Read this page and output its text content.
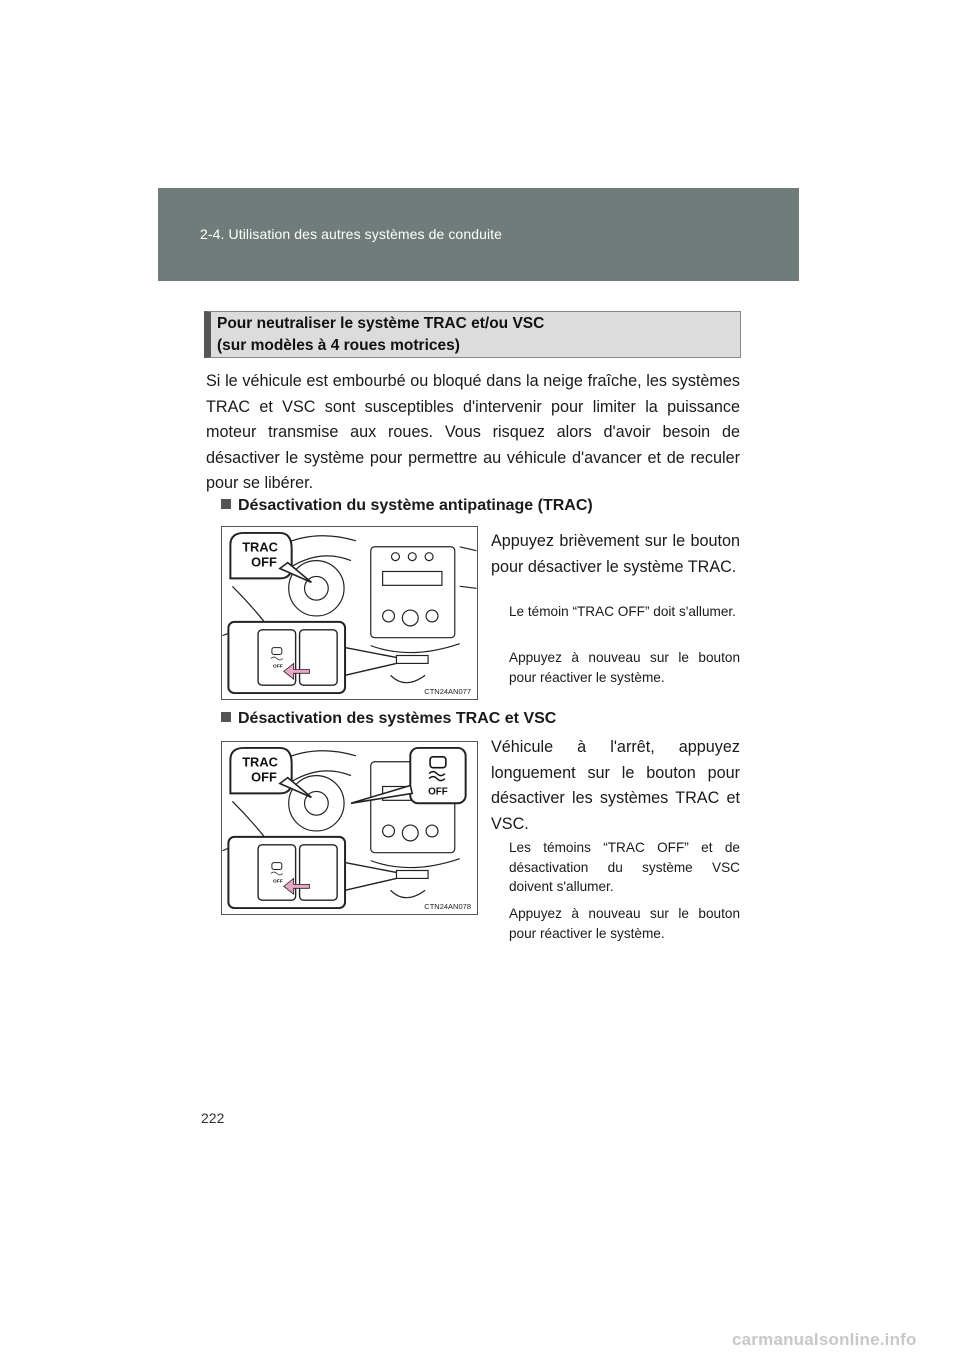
2-4. Utilisation des autres systèmes de conduite
Pour neutraliser le système TRAC et/ou VSC
(sur modèles à 4 roues motrices)

Si le véhicule est embourbé ou bloqué dans la neige fraîche, les systèmes TRAC et VSC sont susceptibles d'intervenir pour limiter la puissance moteur transmise aux roues. Vous risquez alors d'avoir besoin de désactiver le système pour permettre au véhicule d'avancer et de reculer pour se libérer.

Désactivation du système antipatinage (TRAC)
TRAC
OFF
OFF
CTN24AN077

Appuyez brièvement sur le bouton pour désactiver le système TRAC.

Le témoin “TRAC OFF” doit s'allumer.

Appuyez à nouveau sur le bouton pour réactiver le système.

Désactivation des systèmes TRAC et VSC
TRAC
OFF
OFF
OFF
CTN24AN078

Véhicule à l'arrêt, appuyez longuement sur le bouton pour désactiver les systèmes TRAC et VSC.

Les témoins “TRAC OFF” et de désactivation du système VSC doivent s'allumer.

Appuyez à nouveau sur le bouton pour réactiver le système.

222
carmanualsonline.info
